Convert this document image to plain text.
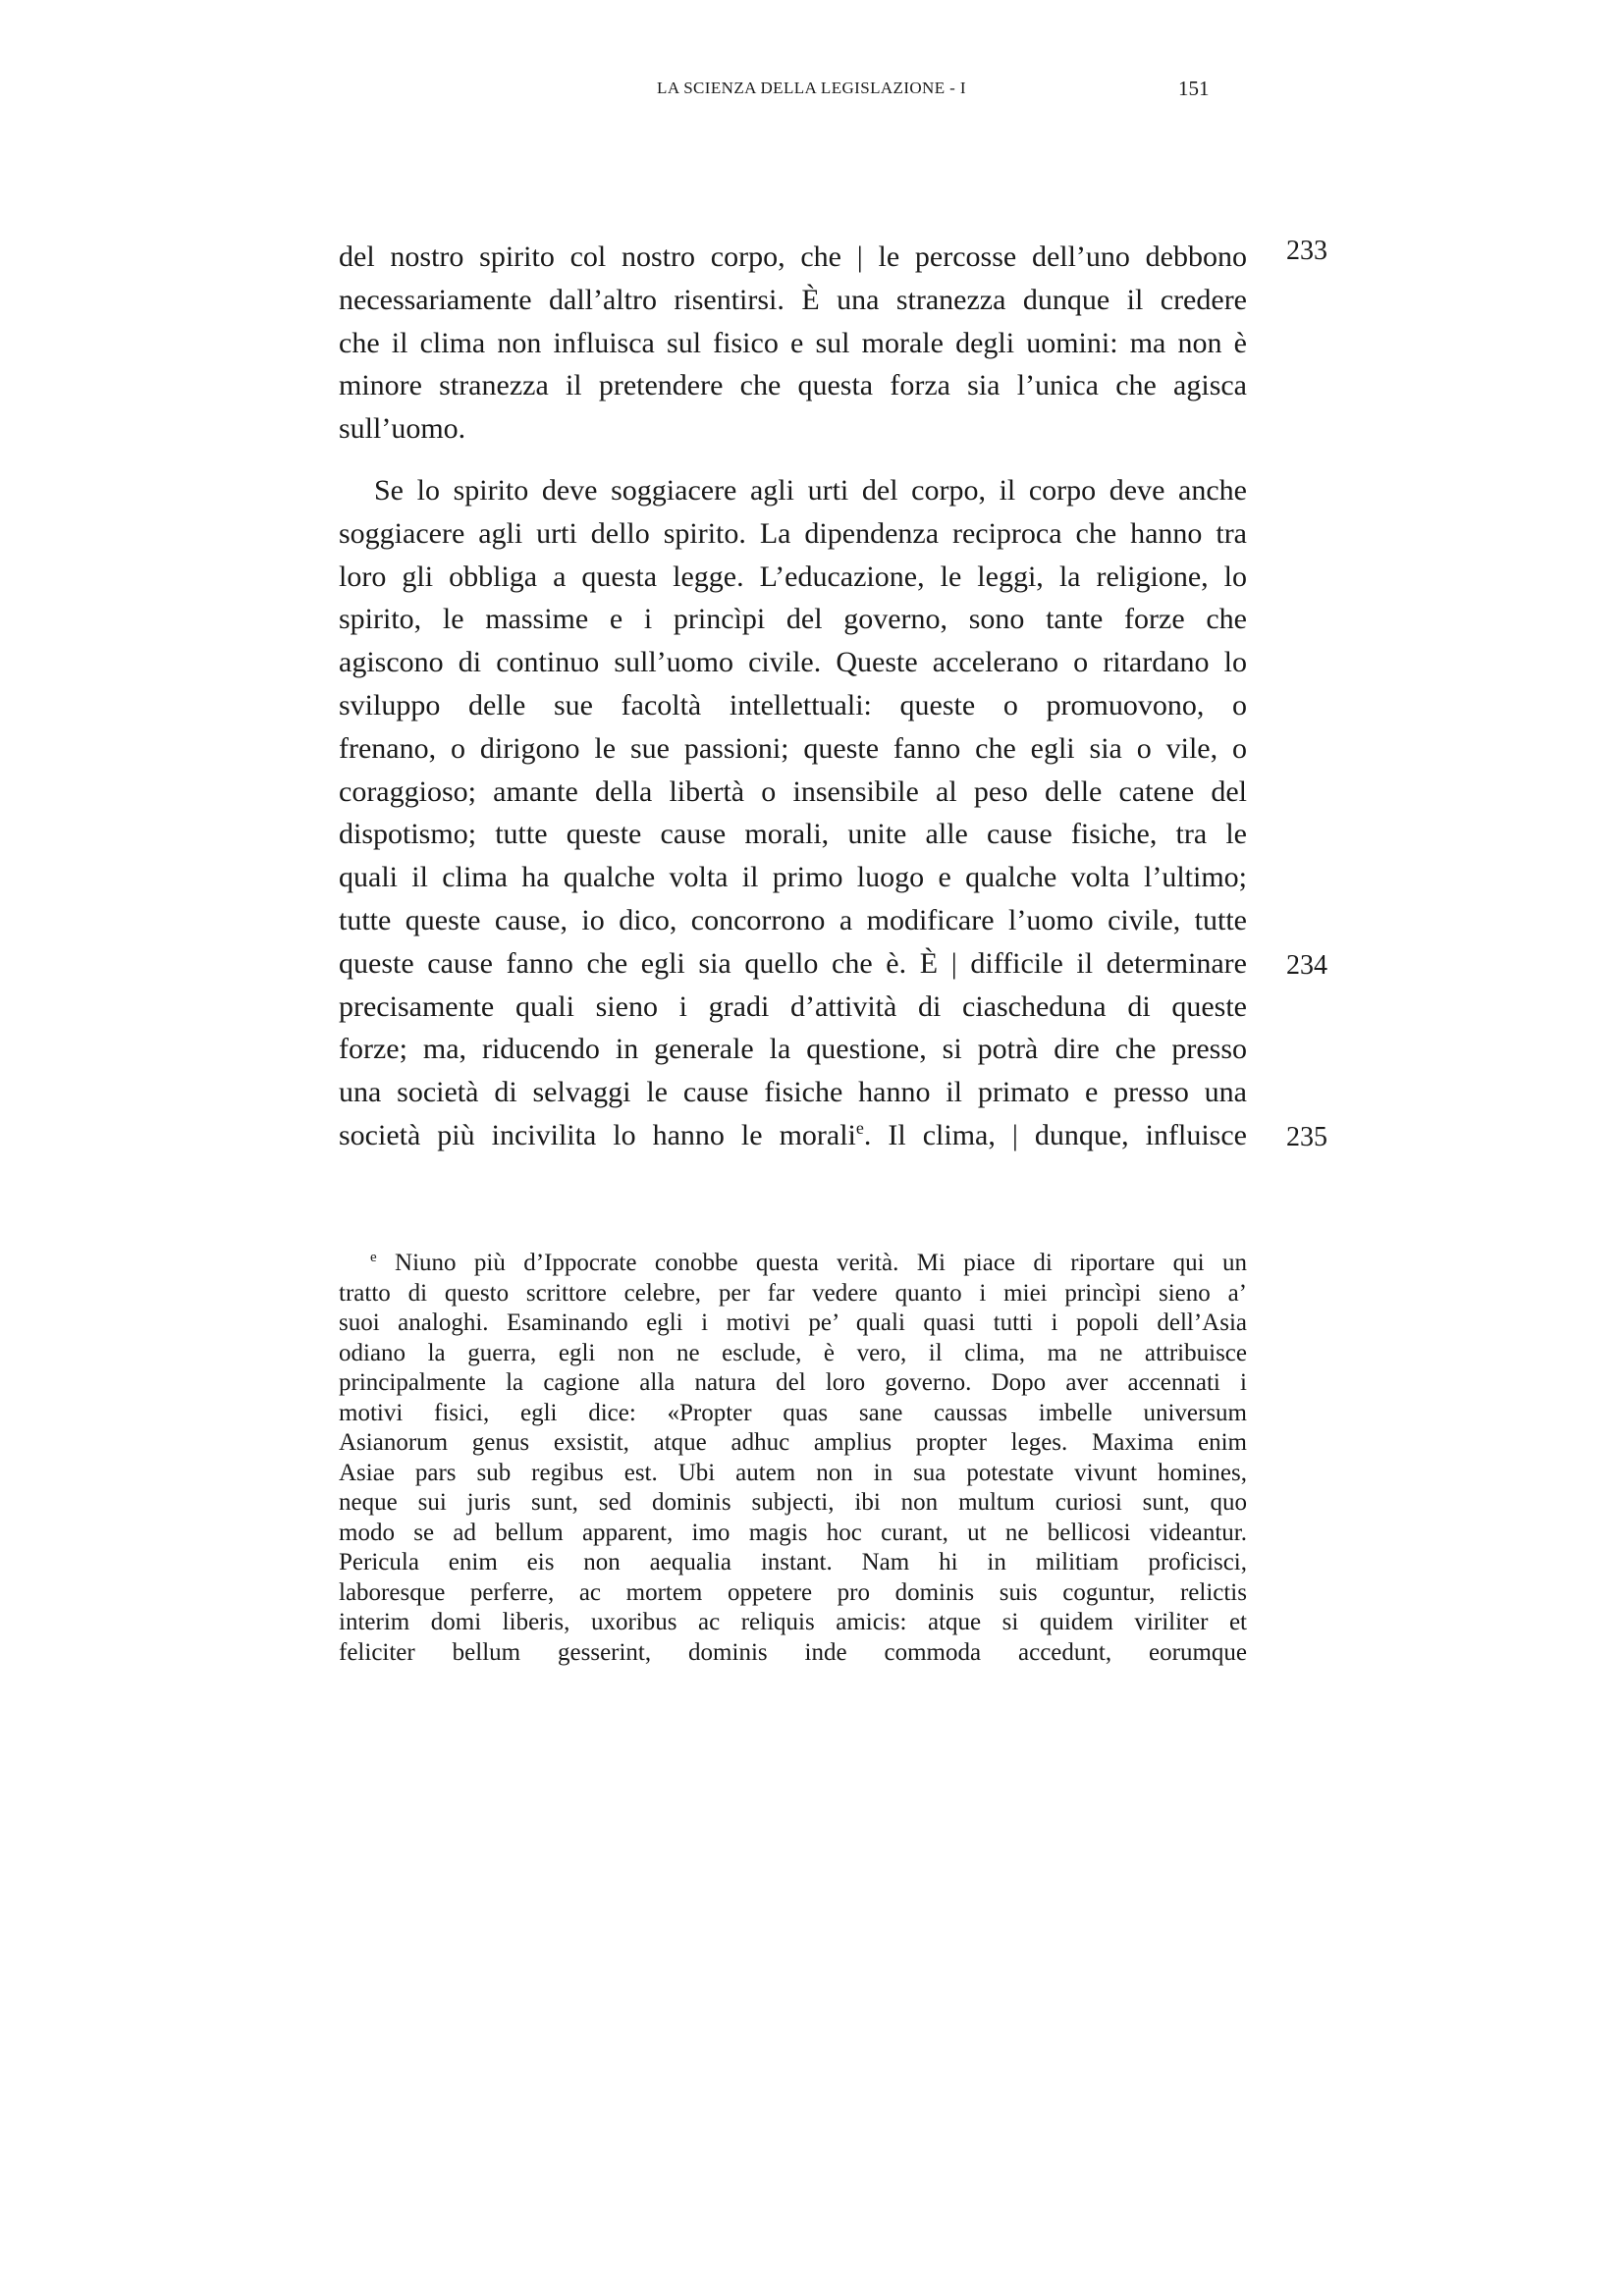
LA SCIENZA DELLA LEGISLAZIONE - I	151
233
234
235
del nostro spirito col nostro corpo, che | le percosse dell’uno debbono
necessariamente dall’altro risentirsi. È una stranezza dunque il credere
che il clima non influisca sul fisico e sul morale degli uomini: ma non è
minore stranezza il pretendere che questa forza sia l’unica che agisca
sull’uomo.
Se lo spirito deve soggiacere agli urti del corpo, il corpo deve anche
soggiacere agli urti dello spirito. La dipendenza reciproca che hanno tra
loro gli obbliga a questa legge. L’educazione, le leggi, la religione, lo
spirito, le massime e i princìpi del governo, sono tante forze che
agiscono di continuo sull’uomo civile. Queste accelerano o ritardano lo
sviluppo delle sue facoltà intellettuali: queste o promuovono, o
frenano, o dirigono le sue passioni; queste fanno che egli sia o vile, o
coraggioso; amante della libertà o insensibile al peso delle catene del
dispotismo; tutte queste cause morali, unite alle cause fisiche, tra le
quali il clima ha qualche volta il primo luogo e qualche volta l’ultimo;
tutte queste cause, io dico, concorrono a modificare l’uomo civile, tutte
queste cause fanno che egli sia quello che è. È | difficile il determinare
precisamente quali sieno i gradi d’attività di ciascheduna di queste
forze; ma, riducendo in generale la questione, si potrà dire che presso
una società di selvaggi le cause fisiche hanno il primato e presso una
società più incivilita lo hanno le morali$^e$. Il clima, | dunque, influisce
$^e$ Niuno più d’Ippocrate conobbe questa verità. Mi piace di riportare qui un
tratto di questo scrittore celebre, per far vedere quanto i miei princìpi sieno a’
suoi analoghi. Esaminando egli i motivi pe’ quali quasi tutti i popoli dell’Asia
odiano la guerra, egli non ne esclude, è vero, il clima, ma ne attribuisce
principalmente la cagione alla natura del loro governo. Dopo aver accennati i
motivi fisici, egli dice: «Propter quas sane caussas imbelle universum
Asianorum genus exsistit, atque adhuc amplius propter leges. Maxima enim
Asiae pars sub regibus est. Ubi autem non in sua potestate vivunt homines,
neque sui juris sunt, sed dominis subjecti, ibi non multum curiosi sunt, quo
modo se ad bellum apparent, imo magis hoc curant, ut ne bellicosi videantur.
Pericula enim eis non aequalia instant. Nam hi in militiam proficisci,
laboresque perferre, ac mortem oppetere pro dominis suis coguntur, relictis
interim domi liberis, uxoribus ac reliquis amicis: atque si quidem viriliter et
feliciter bellum gesserint, dominis inde commoda accedunt, eorumque
